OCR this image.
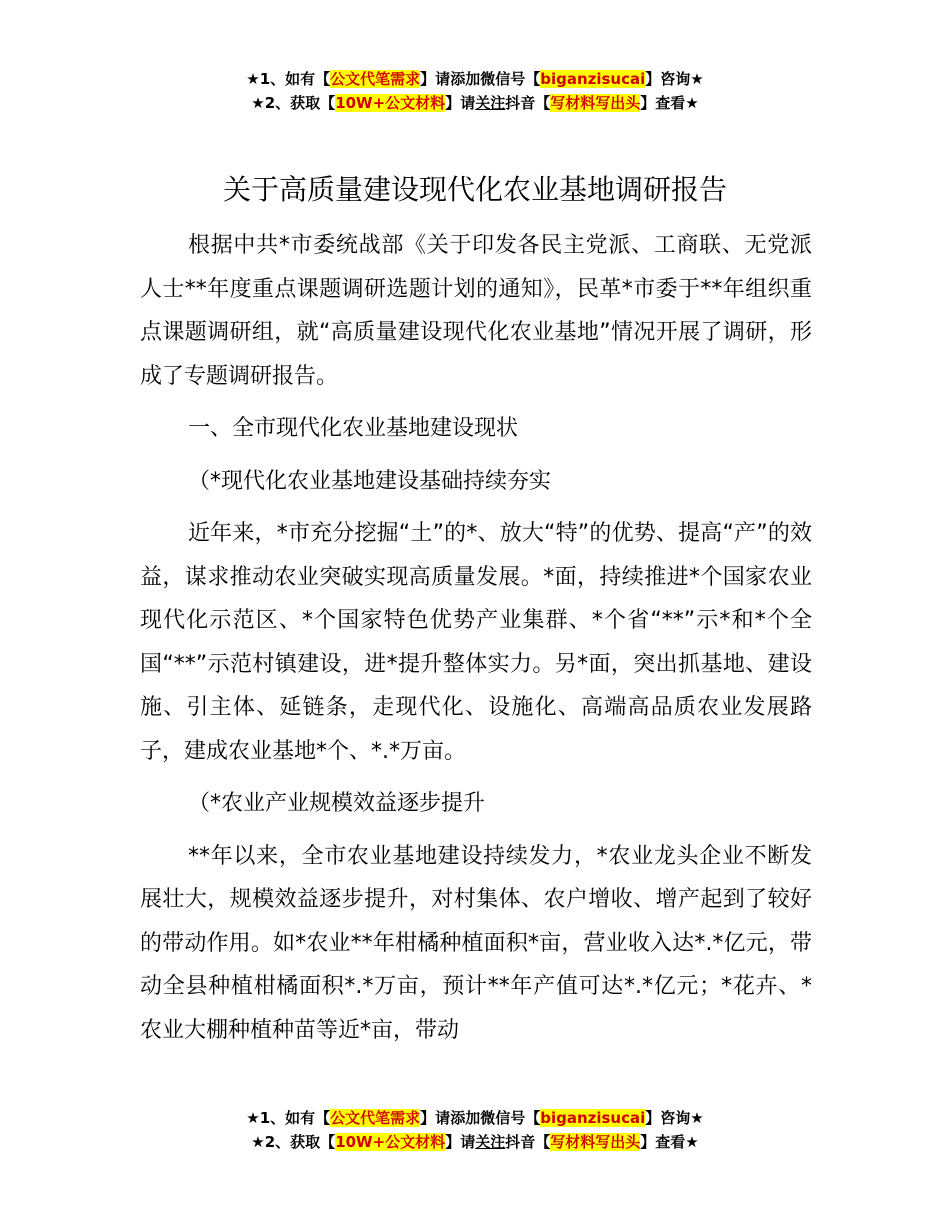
★1、如有【公文代笔需求】请添加微信号【biganzisucai】咨询★
★2、获取【10W+公文材料】请关注抖音【写材料写出头】查看★
关于高质量建设现代化农业基地调研报告

根据中共*市委统战部《关于印发各民主党派、工商联、无党派人士**年度重点课题调研选题计划的通知》，民革*市委于**年组织重点课题调研组，就“高质量建设现代化农业基地”情况开展了调研，形成了专题调研报告。

一、全市现代化农业基地建设现状

（*现代化农业基地建设基础持续夯实

近年来，*市充分挖掘“土”的*、放大“特”的优势、提高“产”的效益，谋求推动农业突破实现高质量发展。*面，持续推进*个国家农业现代化示范区、*个国家特色优势产业集群、*个省“**”示*和*个全国“**”示范村镇建设，进*提升整体实力。另*面，突出抓基地、建设施、引主体、延链条，走现代化、设施化、高端高品质农业发展路子，建成农业基地*个、*.*万亩。

（*农业产业规模效益逐步提升

**年以来，全市农业基地建设持续发力，*农业龙头企业不断发展壮大，规模效益逐步提升，对村集体、农户增收、增产起到了较好的带动作用。如*农业**年柑橘种植面积*亩，营业收入达*.*亿元，带动全县种植柑橘面积*.*万亩，预计**年产值可达*.*亿元；*花卉、*农业大棚种植种苗等近*亩，带动

★1、如有【公文代笔需求】请添加微信号【biganzisucai】咨询★
★2、获取【10W+公文材料】请关注抖音【写材料写出头】查看★
